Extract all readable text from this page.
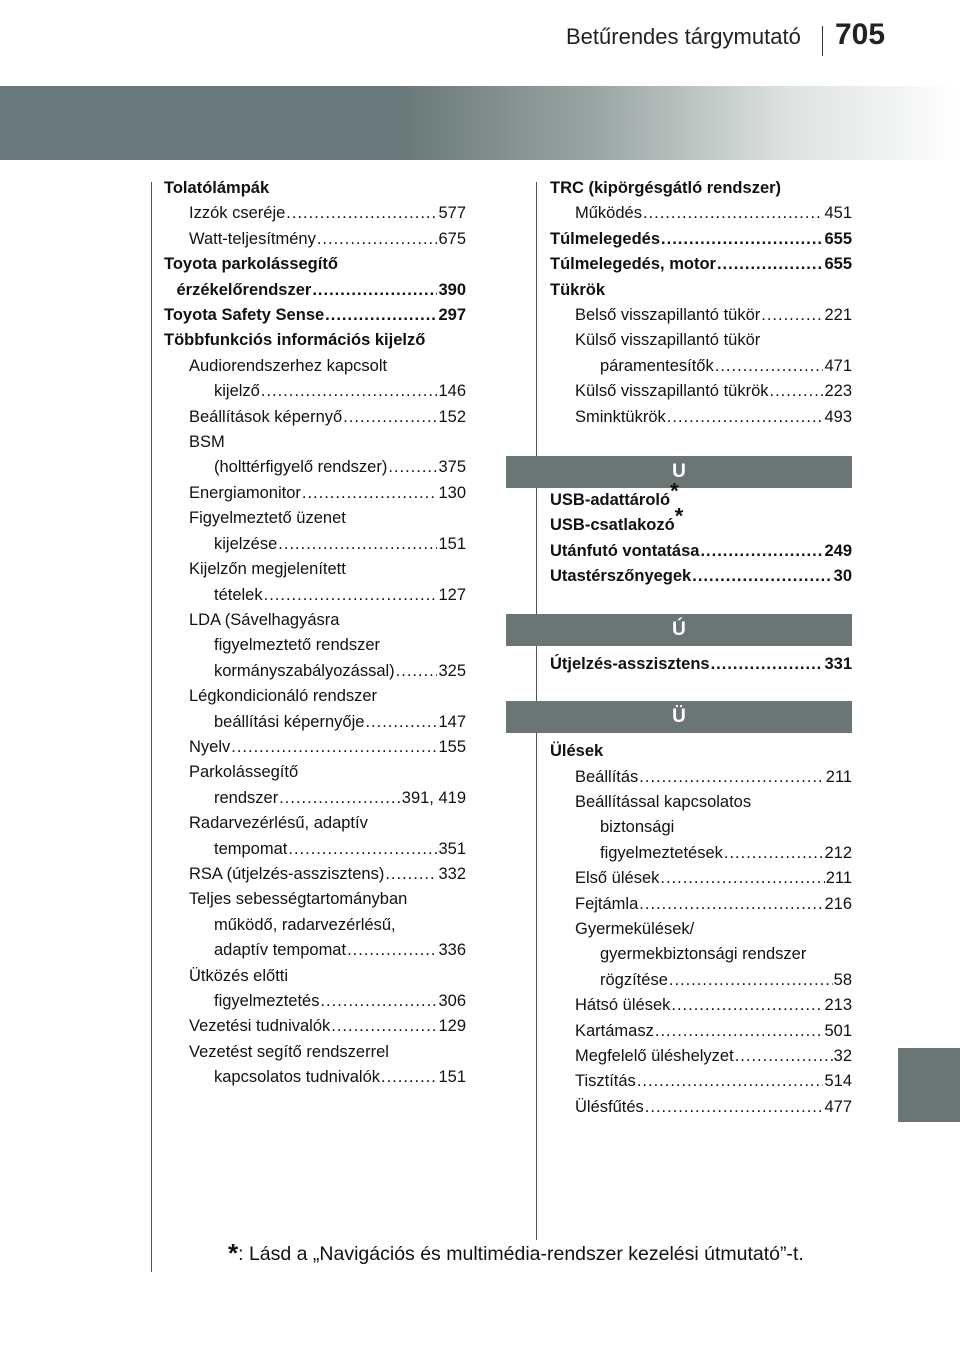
Betűrendes tárgymutató 705
Tolatólámpák
Izzók cseréje .....	577
Watt-teljesítmény .....	675
Toyota parkolássegítő
érzékelőrendszer .....	390
Toyota Safety Sense .....	297
Többfunkciós információs kijelző
Audiorendszerhez kapcsolt
kijelző .....	146
Beállítások képernyő .....	152
BSM
(holttérfigyelő rendszer) .....	375
Energiamonitor .....	130
Figyelmeztető üzenet
kijelzése .....	151
Kijelzőn megjelenített
tételek .....	127
LDA (Sávelhagyásra
figyelmeztető rendszer
kormányszabályozással) .....	325
Légkondicionáló rendszer
beállítási képernyője .....	147
Nyelv .....	155
Parkolássegítő
rendszer .....	391, 419
Radarvezérlésű, adaptív
tempomat .....	351
RSA (útjelzés-asszisztens) .....	332
Teljes sebességtartományban
működő, radarvezérlésű,
adaptív tempomat .....	336
Ütközés előtti
figyelmeztetés .....	306
Vezetési tudnivalók .....	129
Vezetést segítő rendszerrel
kapcsolatos tudnivalók .....	151
TRC (kipörgésgátló rendszer)
Működés .....	451
Túlmelegedés .....	655
Túlmelegedés, motor .....	655
Tükrök
Belső visszapillantó tükör .....	221
Külső visszapillantó tükör
páramentesítők .....	471
Külső visszapillantó tükrök .....	223
Sminktükrök .....	493
U
USB-adattároló*
USB-csatlakozó*
Utánfutó vontatása .....	249
Utastérszőnyegek .....	30
Ú
Útjelzés-asszisztens .....	331
Ü
Ülések
Beállítás .....	211
Beállítással kapcsolatos
biztonsági
figyelmeztetések .....	212
Első ülések .....	211
Fejtámla .....	216
Gyermekülések/
gyermekbiztonsági rendszer
rögzítése .....	58
Hátsó ülések .....	213
Kartámasz .....	501
Megfelelő üléshelyzet .....	32
Tisztítás .....	514
Ülésfűtés .....	477
*: Lásd a „Navigációs és multimédia-rendszer kezelési útmutató”-t.
